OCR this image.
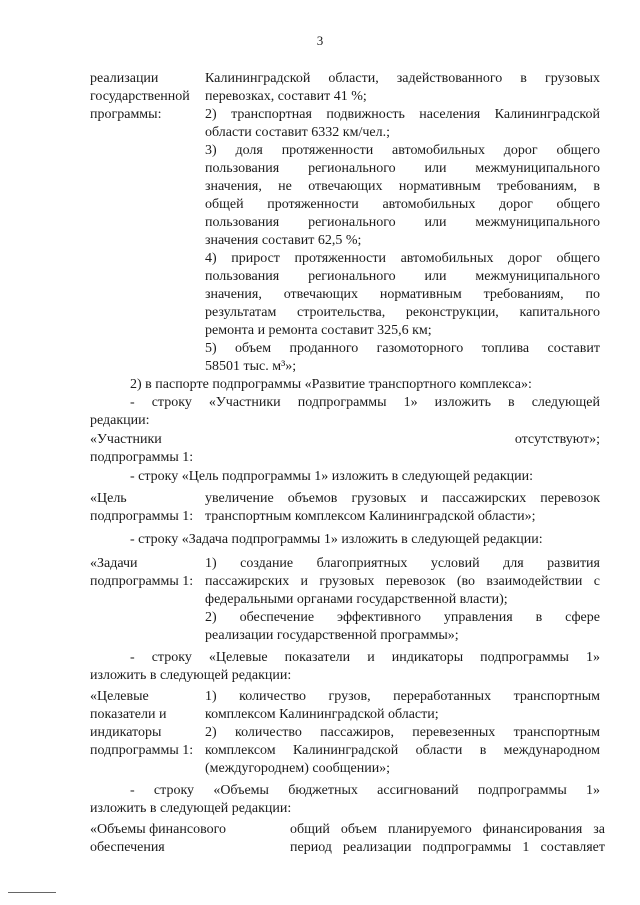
3
реализации
государственной
программы:
Калининградской области, задействованного в грузовых
перевозках, составит 41 %;
2) транспортная подвижность населения Калининградской
области составит 6332 км/чел.;
3) доля протяженности автомобильных дорог общего
пользования регионального или межмуниципального
значения, не отвечающих нормативным требованиям, в
общей протяженности автомобильных дорог общего
пользования регионального или межмуниципального
значения составит 62,5 %;
4) прирост протяженности автомобильных дорог общего
пользования регионального или межмуниципального
значения, отвечающих нормативным требованиям, по
результатам строительства, реконструкции, капитального
ремонта и ремонта составит 325,6 км;
5) объем проданного газомоторного топлива составит
58501 тыс. м³»;
2) в паспорте подпрограммы «Развитие транспортного комплекса»:
- строку «Участники подпрограммы 1» изложить в следующей
редакции:
«Участники
подпрограммы 1:
отсутствуют»;
- строку «Цель подпрограммы 1» изложить в следующей редакции:
«Цель
подпрограммы 1:
увеличение объемов грузовых и пассажирских перевозок
транспортным комплексом Калининградской области»;
- строку «Задача подпрограммы 1» изложить в следующей редакции:
«Задачи
подпрограммы 1:
1) создание благоприятных условий для развития
пассажирских и грузовых перевозок (во взаимодействии с
федеральными органами государственной власти);
2) обеспечение эффективного управления в сфере
реализации государственной программы»;
- строку «Целевые показатели и индикаторы подпрограммы 1»
изложить в следующей редакции:
«Целевые
показатели и
индикаторы
подпрограммы 1:
1) количество грузов, переработанных транспортным
комплексом Калининградской области;
2) количество пассажиров, перевезенных транспортным
комплексом Калининградской области в международном
(междугороднем) сообщении»;
- строку «Объемы бюджетных ассигнований подпрограммы 1»
изложить в следующей редакции:
«Объемы финансового
обеспечения
общий объем планируемого финансирования за
период реализации подпрограммы 1 составляет
